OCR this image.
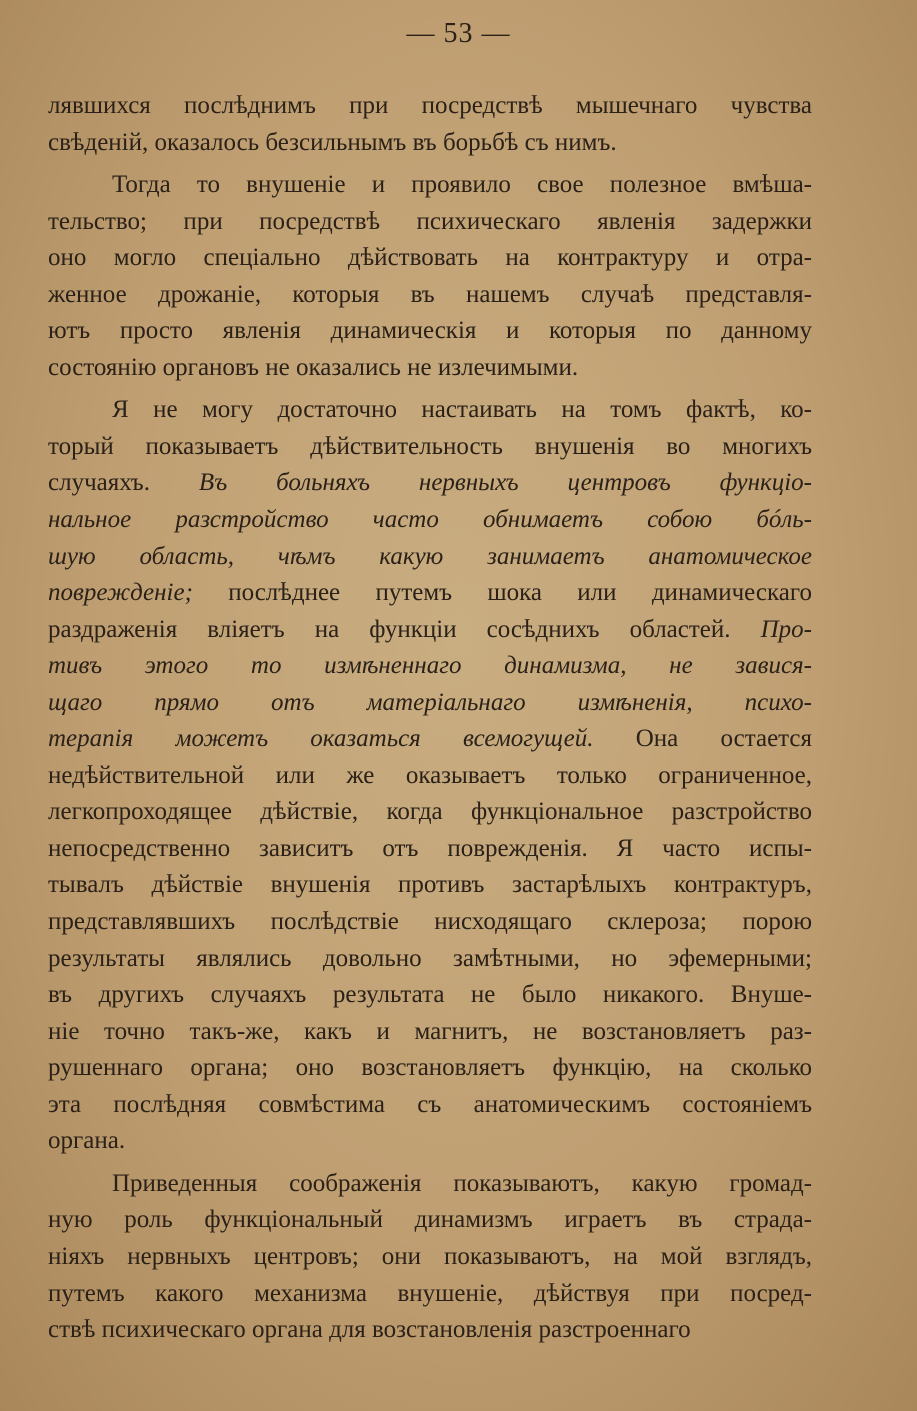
— 53 —
лявшихся послѣднимъ при посредствѣ мышечнаго чувства
свѣденій, оказалось безсильнымъ въ борьбѣ съ нимъ.
Тогда то внушеніе и проявило свое полезное вмѣша-
тельство; при посредствѣ психическаго явленія задержки
оно могло спеціально дѣйствовать на контрактуру и отра-
женное дрожаніе, которыя въ нашемъ случаѣ представля-
ютъ просто явленія динамическія и которыя по данному
состоянію органовъ не оказались не излечимыми.
Я не могу достаточно настаивать на томъ фактѣ, ко-
торый показываетъ дѣйствительность внушенія во многихъ
случаяхъ. Въ больняхъ нервныхъ центровъ функціо-
нальное разстройство часто обнимаетъ собою бóль-
шую область, чѣмъ какую занимаетъ анатомическое
поврежденіе; послѣднее путемъ шока или динамическаго
раздраженія вліяетъ на функціи сосѣднихъ областей. Про-
тивъ этого то измѣненнаго динамизма, не завися-
щаго прямо отъ матеріальнаго измѣненія, психо-
терапія можетъ оказаться всемогущей. Она остается
недѣйствительной или же оказываетъ только ограниченное,
легкопроходящее дѣйствіе, когда функціональное разстройство
непосредственно зависитъ отъ поврежденія. Я часто испы-
тывалъ дѣйствіе внушенія противъ застарѣлыхъ контрактуръ,
представлявшихъ послѣдствіе нисходящаго склероза; порою
результаты являлись довольно замѣтными, но эфемерными;
въ другихъ случаяхъ результата не было никакого. Внуше-
ніе точно такъ-же, какъ и магнитъ, не возстановляетъ раз-
рушеннаго органа; оно возстановляетъ функцію, на сколько
эта послѣдняя совмѣстима съ анатомическимъ состояніемъ
органа.
Приведенныя соображенія показываютъ, какую громад-
ную роль функціональный динамизмъ играетъ въ страда-
ніяхъ нервныхъ центровъ; они показываютъ, на мой взглядъ,
путемъ какого механизма внушеніе, дѣйствуя при посред-
ствѣ психическаго органа для возстановленія разстроеннаго
